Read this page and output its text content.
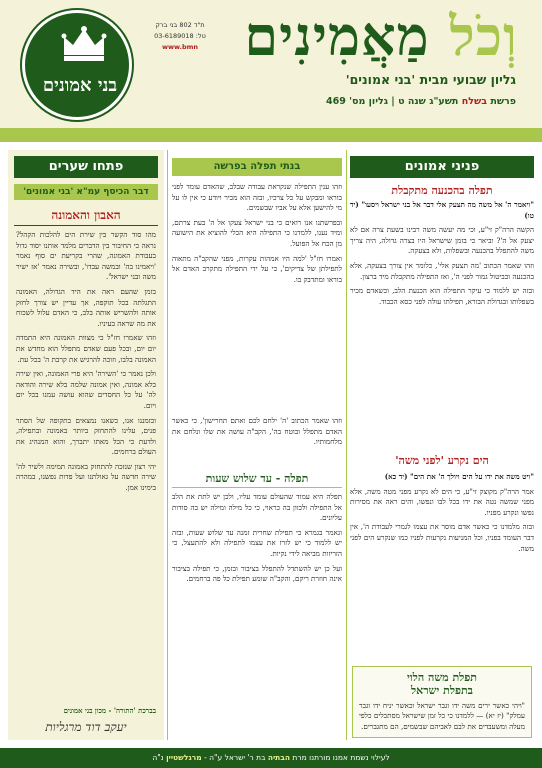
בני אמונים
ת"ד 802 בני ברק
טל: 03-6189018
www.bmn	וְכֹל מַאֲמִינִים
גליון שבועי מבית 'בני אמונים'
פרשת בשלח תשע"ג שנה ט | גליון מס' 469
פניני אמונים
תפלה בהכנעה מתקבלת

"ויאמר ה' אל משה מה תצעק אלי דבר אל בני ישראל ויסעו" (יד טו)

הקשה הרה"ק זי"ע, וכי מה יעשה משה רבינו בשעת צרה אם לא יצעק אל ה'? וביאר כי בזמן שישראל היו בצרה גדולה, היה צריך משה להתפלל בהכנעה ובשפלות, ולא בצעקה.

וזהו שאמר הכתוב 'מה תצעק אלי', כלומר אין צורך בצעקה, אלא בהכנעה ובביטול גמור לפני ה', ואז התפילה מתקבלת מיד ברצון.

ובזה יש ללמוד כי עיקר התפילה הוא הכנעת הלב, וכשאדם מכיר בשפלותו ובגדולת הבורא, תפילתו עולה לפני כסא הכבוד.

הים נקרע 'לפני משה'

"ויט משה את ידו על הים ויולך ה' את הים" (יד כא)

אמר הרה"ק מקוצק זי"ע, כי הים לא נקרע מפני מטה משה, אלא מפני שמשה נטה את ידו בכל לבו ונפשו, והים ראה את מסירות נפשו ונקרע מפניו.

ובזה מלמדנו כי כאשר אדם מוסר את עצמו לגמרי לעבודת ה', אין דבר העומד בפניו, וכל המניעות נקרעות לפניו כמו שנקרע הים לפני משה.

תפלת משה הלוי
בתפלת ישראל
"ויהי כאשר ירים משה ידו וגבר ישראל וכאשר יניח ידו וגבר עמלק" (יז יא) — ללמדנו כי כל זמן שישראל מסתכלים כלפי מעלה ומשעבדים את לבם לאביהם שבשמים, הם מתגברים.
בנתי תפלה בפרשה

וזהו ענין התפילה שנקראת עבודה שבלב, שהאדם עומד לפני בוראו ומבקש על כל צרכיו, ובזה הוא מכיר ויודע כי אין לו על מי להישען אלא על אביו שבשמים.

ובפרשתנו אנו רואים כי בני ישראל צעקו אל ה' בעת צרתם, ומיד נענו, ללמדנו כי התפילה היא הכלי להוציא את הישועה מן הכח אל הפועל.

ואמרו חז"ל 'למה היו אמהות עקרות, מפני שהקב"ה מתאוה לתפילתן של צדיקים', כי על ידי התפילה מתקרב האדם אל בוראו ומתדבק בו.

וזהו שאמר הכתוב 'ה' ילחם לכם ואתם תחרישון', כי כאשר האדם מתפלל ובוטח בה', הקב"ה עושה את שלו ונלחם את מלחמותיו.
תפלה - עד שלוש שעות

תפלה היא עמוד שהעולם עומד עליו, ולכן יש לתת את הלב אל התפילה ולכוון בה כראוי, כי כל מילה ומילה יש בה סודות עליונים.

ונאמר בגמרא כי תפילת שחרית זמנה עד שלוש שעות, ובזה יש ללמוד כי יש לזרז את עצמו לתפילה ולא להתעצל, כי הזריזות מביאה לידי נקיות.

ועל כן יש להשתדל להתפלל בציבור ובזמן, כי תפילה בציבור אינה חוזרת ריקם, והקב"ה שומע תפילת כל פה ברחמים.

פתחו שערים
דבר הכיסף עמ"א 'בני אמונים'
האבון והאמונה

מהו סוד הקשר בין שירת הים להלכות הקהל? נראה כי החיבור בין הדברים מלמד אותנו יסוד גדול בעבודת האמונה, שהרי בקריעת ים סוף נאמר 'ויאמינו בה' ובמשה עבדו', ובשירה נאמר 'אז ישיר משה ובני ישראל'.

בזמן שהעם ראה את היד הגדולה, האמונה התגלתה בכל תוקפה, אך עדיין יש צורך לחזק אותה ולהשריש אותה בלב, כי האדם עלול לשכוח את מה שראה בעיניו.

וזהו שאמרו חז"ל כי מצוות האמונה היא התמדה יום יום, ובכל פעם שאדם מתפלל הוא מחדש את האמונה בלבו, וזוכה להרגיש את קרבת ה' בכל עת.

ולכן נאמר כי 'השירה' היא פרי האמונה, ואין שירה בלא אמונה, ואין אמונה שלמה בלא שירה והודאה לה' על כל החסדים שהוא עושה עמנו בכל יום ויום.

ובזמננו אנו, כשאנו נמצאים בתקופה של הסתר פנים, עלינו להתחזק ביותר באמונה ובתפילה, ולדעת כי הכל מאתו יתברך, והוא המנהיג את העולם ברחמים.

יהי רצון שנזכה להתחזק באמונה תמימה ולשיר לה' שירה חדשה על גאולתנו ועל פדות נפשנו, במהרה בימינו אמן.

בברכת 'התורה' - מכון בני אמונים
יעקב דוד מרגליות
לעילוי נשמת אמנו מורתנו מרת הבתיה בת ר' ישראל ע"ה - מרגלשטיין נ"ה
